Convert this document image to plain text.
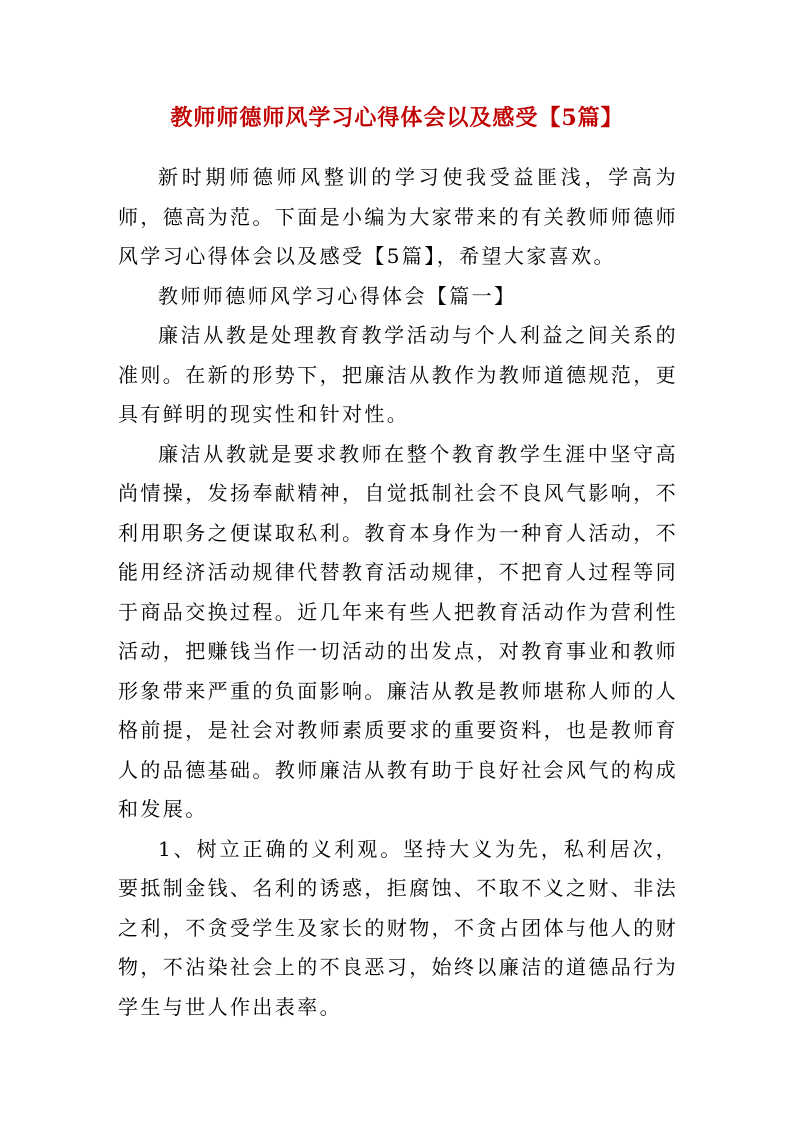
教师师德师风学习心得体会以及感受【5篇】

新时期师德师风整训的学习使我受益匪浅，学高为师，德高为范。下面是小编为大家带来的有关教师师德师风学习心得体会以及感受【5篇】，希望大家喜欢。

教师师德师风学习心得体会【篇一】

廉洁从教是处理教育教学活动与个人利益之间关系的准则。在新的形势下，把廉洁从教作为教师道德规范，更具有鲜明的现实性和针对性。

廉洁从教就是要求教师在整个教育教学生涯中坚守高尚情操，发扬奉献精神，自觉抵制社会不良风气影响，不利用职务之便谋取私利。教育本身作为一种育人活动，不能用经济活动规律代替教育活动规律，不把育人过程等同于商品交换过程。近几年来有些人把教育活动作为营利性活动，把赚钱当作一切活动的出发点，对教育事业和教师形象带来严重的负面影响。廉洁从教是教师堪称人师的人格前提，是社会对教师素质要求的重要资料，也是教师育人的品德基础。教师廉洁从教有助于良好社会风气的构成和发展。

1、树立正确的义利观。坚持大义为先，私利居次，要抵制金钱、名利的诱惑，拒腐蚀、不取不义之财、非法之利，不贪受学生及家长的财物，不贪占团体与他人的财物，不沾染社会上的不良恶习，始终以廉洁的道德品行为学生与世人作出表率。
